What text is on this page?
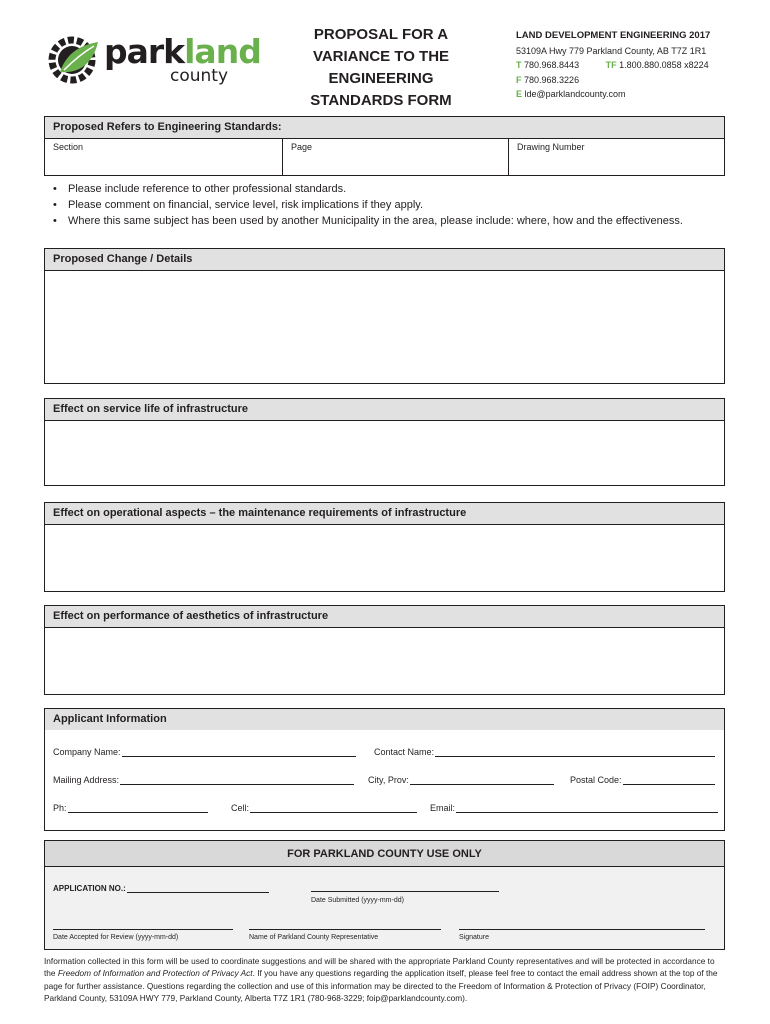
parkland
county
PROPOSAL FOR A
VARIANCE TO THE
ENGINEERING
STANDARDS FORM
LAND DEVELOPMENT ENGINEERING 2017
53109A Hwy 779 Parkland County, AB T7Z 1R1
T 780.968.8443	TF 1.800.880.0858 x8224
F 780.968.3226
E lde@parklandcounty.com
Proposed Refers to Engineering Standards:
Section	Page	Drawing Number
• Please include reference to other professional standards.
• Please comment on financial, service level, risk implications if they apply.
• Where this same subject has been used by another Municipality in the area, please include: where, how and the effectiveness.
Proposed Change / Details
Effect on service life of infrastructure
Effect on operational aspects – the maintenance requirements of infrastructure
Effect on performance of aesthetics of infrastructure
Applicant Information
Company Name:	Contact Name:
Mailing Address:	City, Prov:	Postal Code:
Ph:	Cell:	Email:
FOR PARKLAND COUNTY USE ONLY
APPLICATION NO.:
Date Submitted (yyyy-mm-dd)
Date Accepted for Review (yyyy-mm-dd)	Name of Parkland County Representative	Signature
Information collected in this form will be used to coordinate suggestions and will be shared with the appropriate Parkland County representatives and will be protected in accordance to the Freedom of Information and Protection of Privacy Act. If you have any questions regarding the application itself, please feel free to contact the email address shown at the top of the page for further assistance. Questions regarding the collection and use of this information may be directed to the Freedom of Information & Protection of Privacy (FOIP) Coordinator, Parkland County, 53109A HWY 779, Parkland County, Alberta T7Z 1R1 (780-968-3229; foip@parklandcounty.com).
